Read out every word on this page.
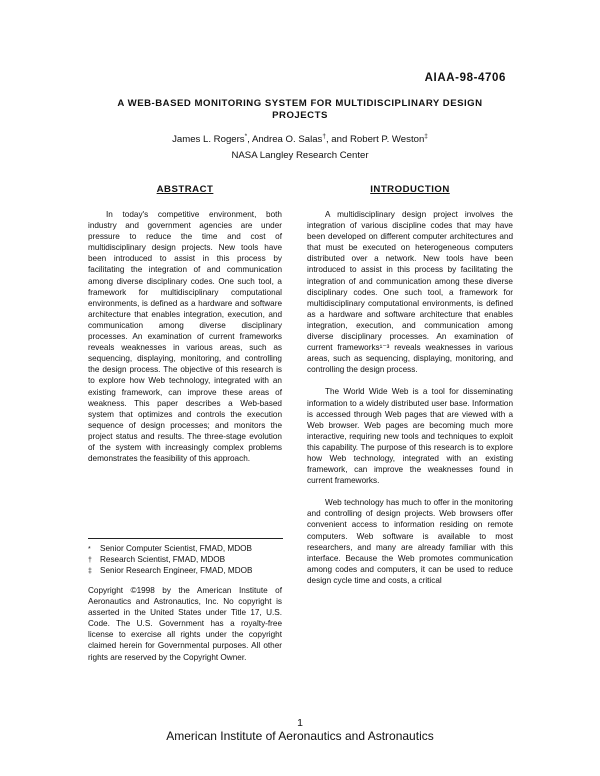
AIAA-98-4706
A WEB-BASED MONITORING SYSTEM FOR MULTIDISCIPLINARY DESIGN
PROJECTS
James L. Rogers*, Andrea O. Salas†, and Robert P. Weston‡
NASA Langley Research Center
ABSTRACT

In today's competitive environment, both industry and government agencies are under pressure to reduce the time and cost of multidisciplinary design projects. New tools have been introduced to assist in this process by facilitating the integration of and communication among diverse disciplinary codes. One such tool, a framework for multidisciplinary computational environments, is defined as a hardware and software architecture that enables integration, execution, and communication among diverse disciplinary processes. An examination of current frameworks reveals weaknesses in various areas, such as sequencing, displaying, monitoring, and controlling the design process. The objective of this research is to explore how Web technology, integrated with an existing framework, can improve these areas of weakness. This paper describes a Web-based system that optimizes and controls the execution sequence of design processes; and monitors the project status and results. The three-stage evolution of the system with increasingly complex problems demonstrates the feasibility of this approach.

* Senior Computer Scientist, FMAD, MDOB
† Research Scientist, FMAD, MDOB
‡ Senior Research Engineer, FMAD, MDOB

Copyright ©1998 by the American Institute of Aeronautics and Astronautics, Inc. No copyright is asserted in the United States under Title 17, U.S. Code. The U.S. Government has a royalty-free license to exercise all rights under the copyright claimed herein for Governmental purposes. All other rights are reserved by the Copyright Owner.

INTRODUCTION

A multidisciplinary design project involves the integration of various discipline codes that may have been developed on different computer architectures and that must be executed on heterogeneous computers distributed over a network. New tools have been introduced to assist in this process by facilitating the integration of and communication among these diverse disciplinary codes. One such tool, a framework for multidisciplinary computational environments, is defined as a hardware and software architecture that enables integration, execution, and communication among diverse disciplinary processes. An examination of current frameworks¹⁻³ reveals weaknesses in various areas, such as sequencing, displaying, monitoring, and controlling the design process.

The World Wide Web is a tool for disseminating information to a widely distributed user base. Information is accessed through Web pages that are viewed with a Web browser. Web pages are becoming much more interactive, requiring new tools and techniques to exploit this capability. The purpose of this research is to explore how Web technology, integrated with an existing framework, can improve the weaknesses found in current frameworks.

Web technology has much to offer in the monitoring and controlling of design projects. Web browsers offer convenient access to information residing on remote computers. Web software is available to most researchers, and many are already familiar with this interface. Because the Web promotes communication among codes and computers, it can be used to reduce design cycle time and costs, a critical

1
American Institute of Aeronautics and Astronautics
